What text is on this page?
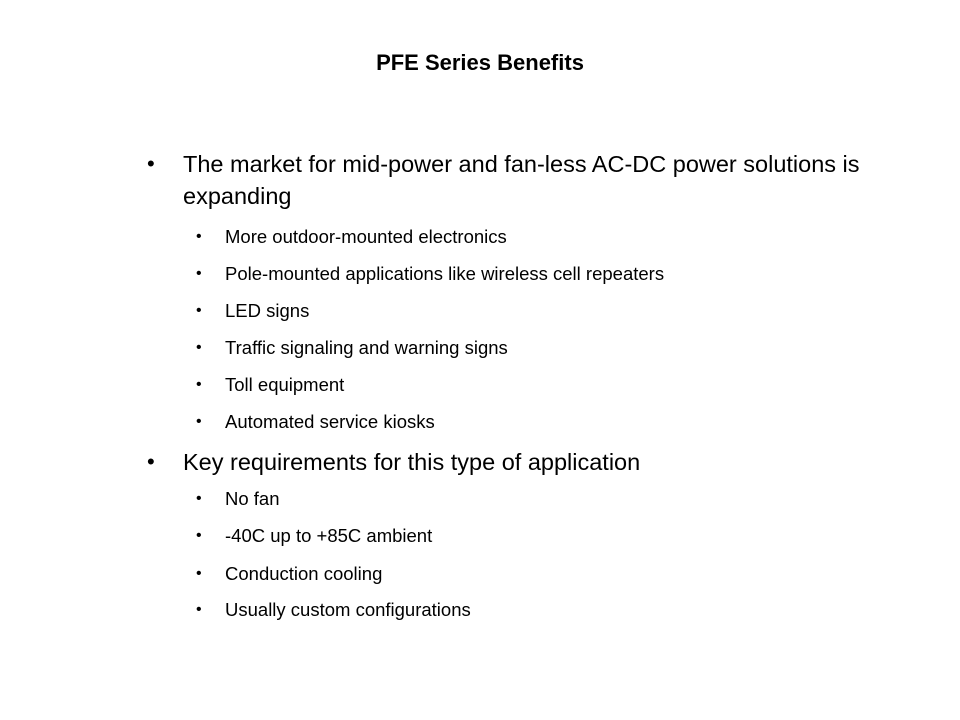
PFE Series Benefits
• The market for mid-power and fan-less AC-DC power solutions is expanding
• More outdoor-mounted electronics
• Pole-mounted applications like wireless cell repeaters
• LED signs
• Traffic signaling and warning signs
• Toll equipment
• Automated service kiosks
• Key requirements for this type of application
• No fan
• -40C up to +85C ambient
• Conduction cooling
• Usually custom configurations
